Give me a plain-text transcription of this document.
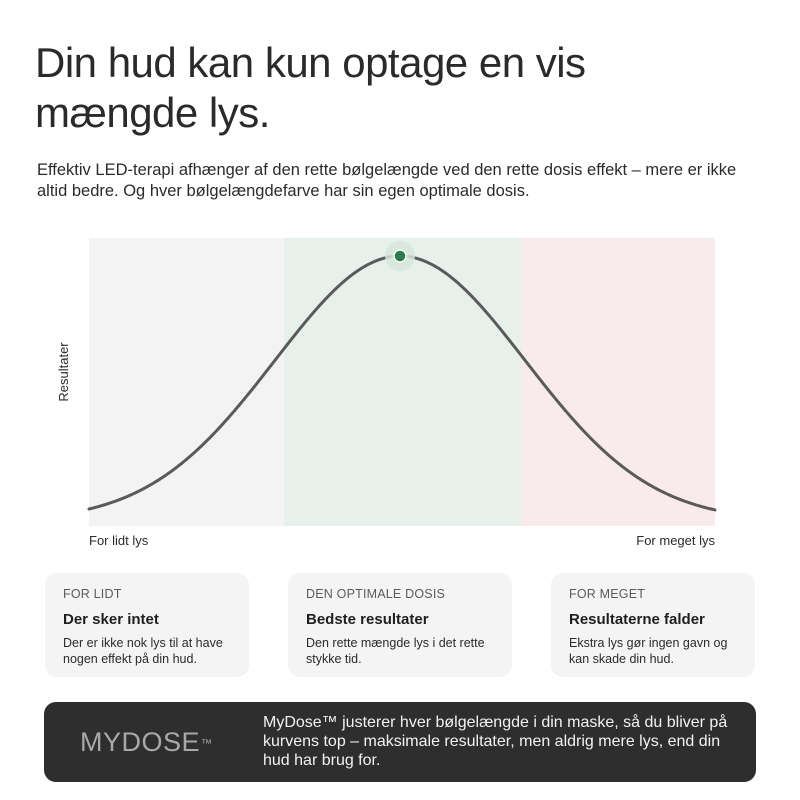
Din hud kan kun optage en vis mængde lys.

Effektiv LED-terapi afhænger af den rette bølgelængde ved den rette dosis effekt – mere er ikke altid bedre. Og hver bølgelængdefarve har sin egen optimale dosis.

Resultater
For lidt lys	For meget lys
FOR LIDT
Der sker intet
Der er ikke nok lys til at have nogen effekt på din hud.
DEN OPTIMALE DOSIS
Bedste resultater
Den rette mængde lys i det rette stykke tid.
FOR MEGET
Resultaterne falder
Ekstra lys gør ingen gavn og kan skade din hud.
MYDOSE™

MyDose™ justerer hver bølgelængde i din maske, så du bliver på kurvens top – maksimale resultater, men aldrig mere lys, end din hud har brug for.
